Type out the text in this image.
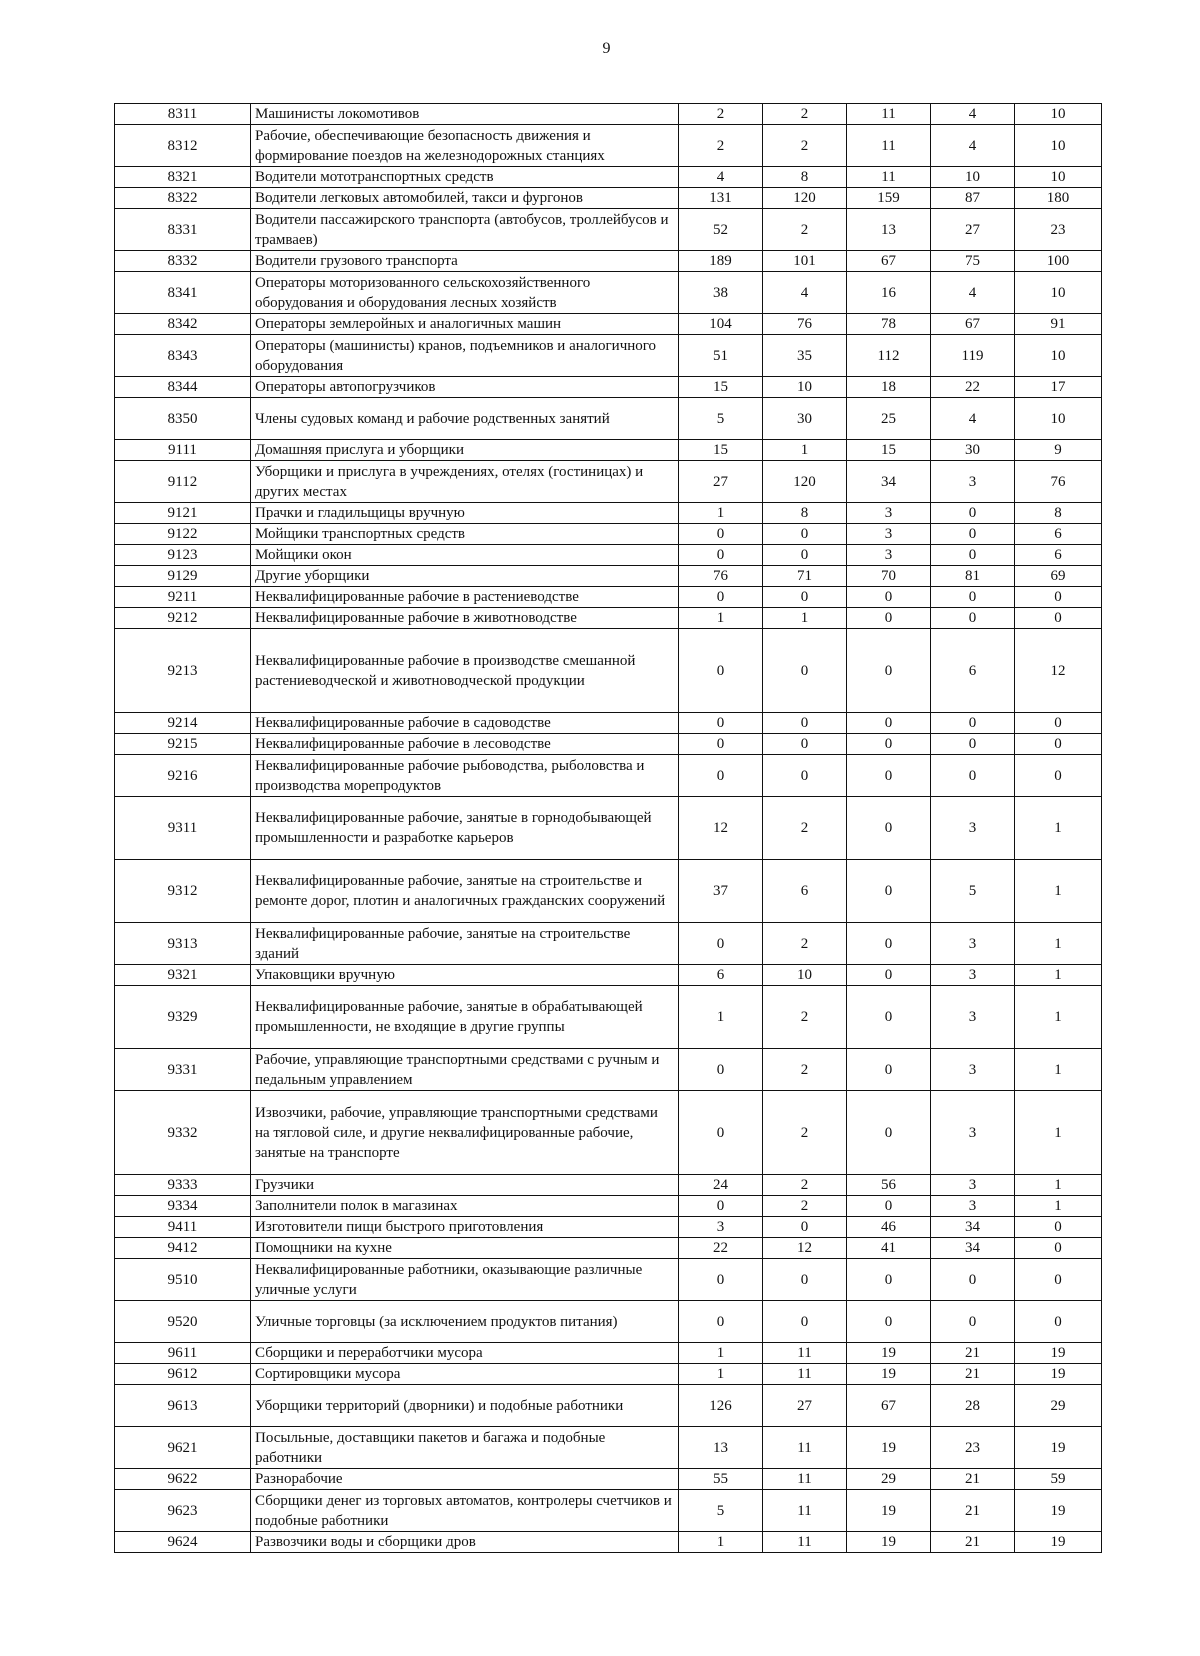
9
8311	Машинисты локомотивов	2	2	11	4	10
8312	Рабочие, обеспечивающие безопасность движения и формирование поездов на железнодорожных станциях	2	2	11	4	10
8321	Водители мототранспортных средств	4	8	11	10	10
8322	Водители легковых автомобилей, такси и фургонов	131	120	159	87	180
8331	Водители пассажирского транспорта (автобусов, троллейбусов и трамваев)	52	2	13	27	23
8332	Водители грузового транспорта	189	101	67	75	100
8341	Операторы моторизованного сельскохозяйственного оборудования и оборудования лесных хозяйств	38	4	16	4	10
8342	Операторы землеройных и аналогичных машин	104	76	78	67	91
8343	Операторы (машинисты) кранов, подъемников и аналогичного оборудования	51	35	112	119	10
8344	Операторы автопогрузчиков	15	10	18	22	17
8350	Члены судовых команд и рабочие родственных занятий	5	30	25	4	10
9111	Домашняя прислуга и уборщики	15	1	15	30	9
9112	Уборщики и прислуга в учреждениях, отелях (гостиницах) и других местах	27	120	34	3	76
9121	Прачки и гладильщицы вручную	1	8	3	0	8
9122	Мойщики транспортных средств	0	0	3	0	6
9123	Мойщики окон	0	0	3	0	6
9129	Другие уборщики	76	71	70	81	69
9211	Неквалифицированные рабочие в растениеводстве	0	0	0	0	0
9212	Неквалифицированные рабочие в животноводстве	1	1	0	0	0
9213	Неквалифицированные рабочие в производстве смешанной растениеводческой и животноводческой продукции	0	0	0	6	12
9214	Неквалифицированные рабочие в садоводстве	0	0	0	0	0
9215	Неквалифицированные рабочие в лесоводстве	0	0	0	0	0
9216	Неквалифицированные рабочие рыбоводства, рыболовства и производства морепродуктов	0	0	0	0	0
9311	Неквалифицированные рабочие, занятые в горнодобывающей промышленности и разработке карьеров	12	2	0	3	1
9312	Неквалифицированные рабочие, занятые на строительстве и ремонте дорог, плотин и аналогичных гражданских сооружений	37	6	0	5	1
9313	Неквалифицированные рабочие, занятые на строительстве зданий	0	2	0	3	1
9321	Упаковщики вручную	6	10	0	3	1
9329	Неквалифицированные рабочие, занятые в обрабатывающей промышленности, не входящие в другие группы	1	2	0	3	1
9331	Рабочие, управляющие транспортными средствами с ручным и педальным управлением	0	2	0	3	1
9332	Извозчики, рабочие, управляющие транспортными средствами на тягловой силе, и другие неквалифицированные рабочие, занятые на транспорте	0	2	0	3	1
9333	Грузчики	24	2	56	3	1
9334	Заполнители полок в магазинах	0	2	0	3	1
9411	Изготовители пищи быстрого приготовления	3	0	46	34	0
9412	Помощники на кухне	22	12	41	34	0
9510	Неквалифицированные работники, оказывающие различные уличные услуги	0	0	0	0	0
9520	Уличные торговцы (за исключением продуктов питания)	0	0	0	0	0
9611	Сборщики и переработчики мусора	1	11	19	21	19
9612	Сортировщики мусора	1	11	19	21	19
9613	Уборщики территорий (дворники) и подобные работники	126	27	67	28	29
9621	Посыльные, доставщики пакетов и багажа и подобные работники	13	11	19	23	19
9622	Разнорабочие	55	11	29	21	59
9623	Сборщики денег из торговых автоматов, контролеры счетчиков и подобные работники	5	11	19	21	19
9624	Развозчики воды и сборщики дров	1	11	19	21	19
